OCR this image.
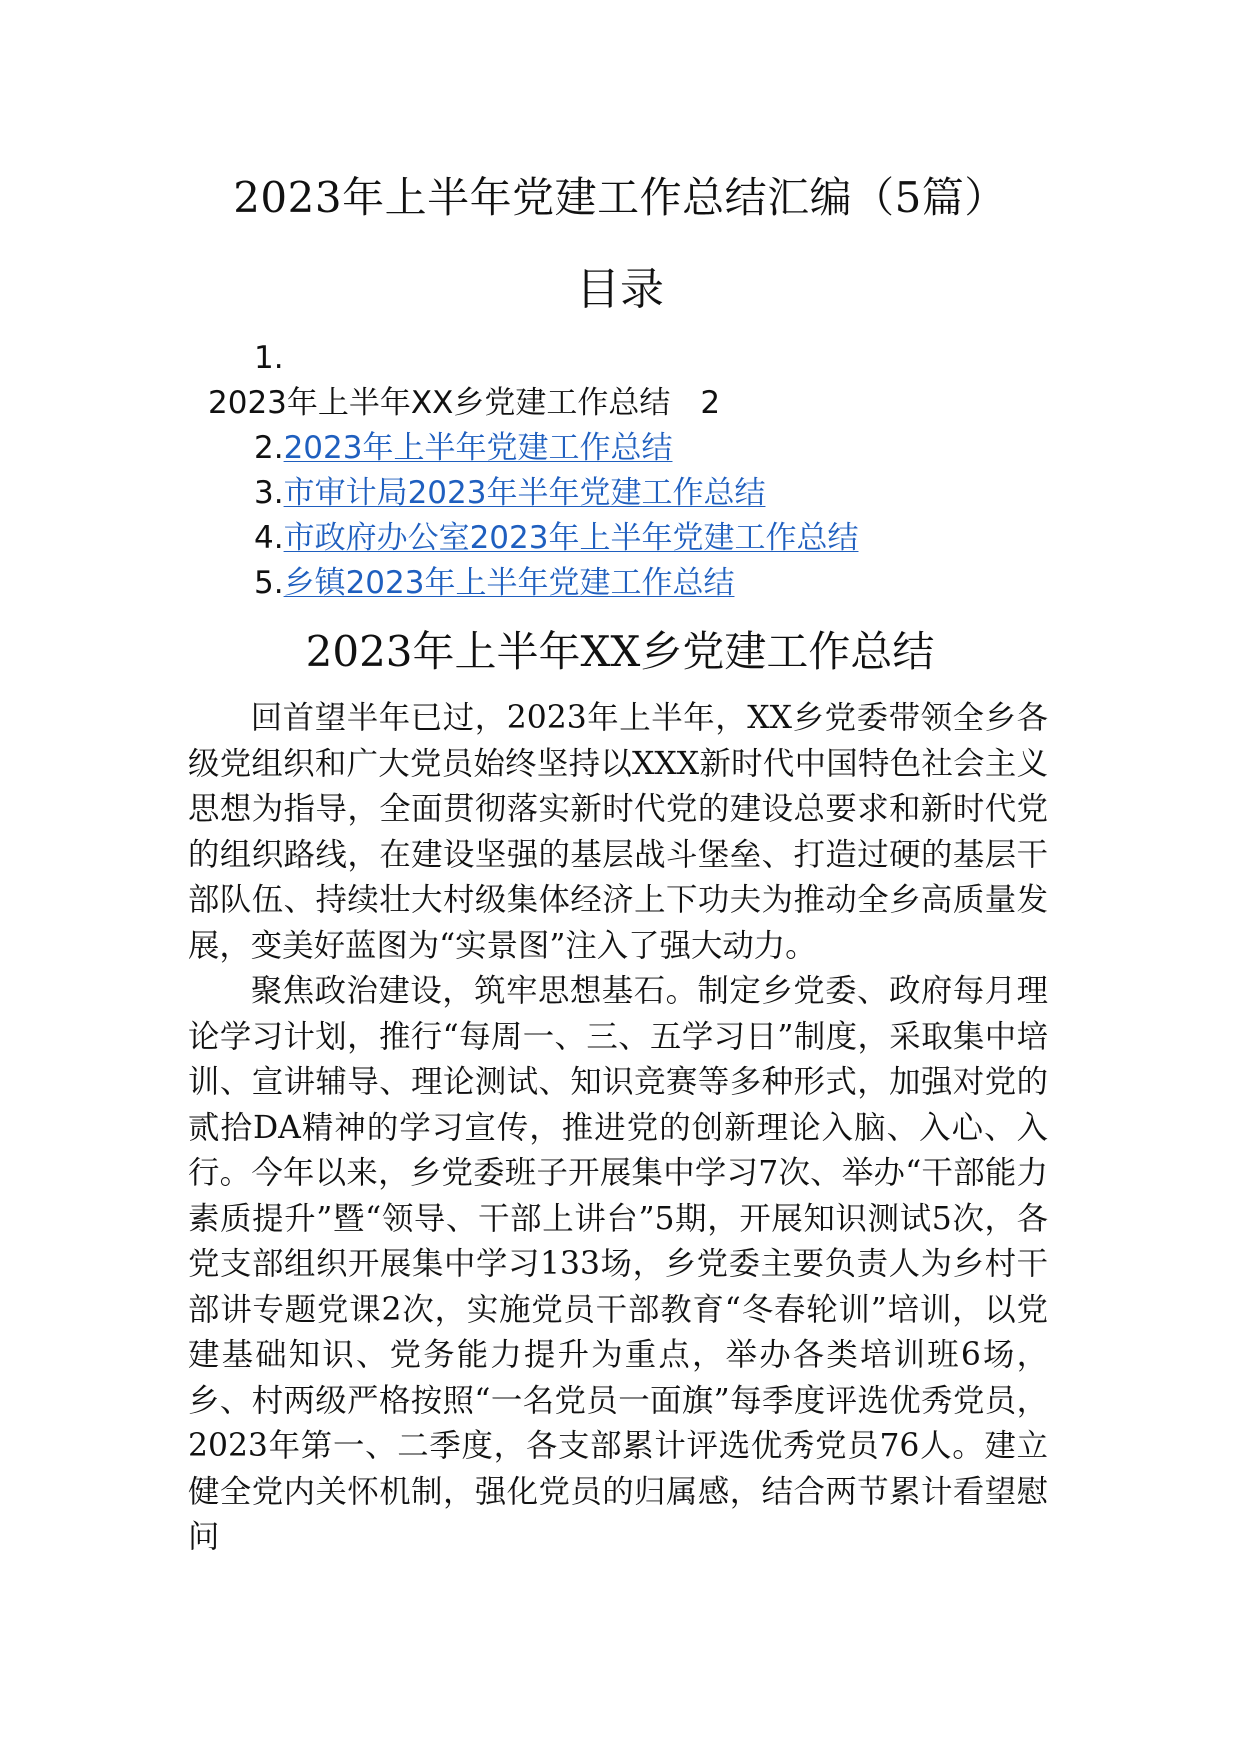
2023年上半年党建工作总结汇编（5篇）
目录
1.
2023年上半年XX乡党建工作总结 2
2.2023年上半年党建工作总结
3.市审计局2023年半年党建工作总结
4.市政府办公室2023年上半年党建工作总结
5.乡镇2023年上半年党建工作总结
2023年上半年XX乡党建工作总结

回首望半年已过，2023年上半年，XX乡党委带领全乡各级党组织和广大党员始终坚持以XXX新时代中国特色社会主义思想为指导，全面贯彻落实新时代党的建设总要求和新时代党的组织路线，在建设坚强的基层战斗堡垒、打造过硬的基层干部队伍、持续壮大村级集体经济上下功夫为推动全乡高质量发展，变美好蓝图为“实景图”注入了强大动力。

聚焦政治建设，筑牢思想基石。制定乡党委、政府每月理论学习计划，推行“每周一、三、五学习日”制度，采取集中培训、宣讲辅导、理论测试、知识竞赛等多种形式，加强对党的贰拾DA精神的学习宣传，推进党的创新理论入脑、入心、入行。今年以来，乡党委班子开展集中学习7次、举办“干部能力素质提升”暨“领导、干部上讲台”5期，开展知识测试5次，各党支部组织开展集中学习133场，乡党委主要负责人为乡村干部讲专题党课2次，实施党员干部教育“冬春轮训”培训，以党建基础知识、党务能力提升为重点，举办各类培训班6场，乡、村两级严格按照“一名党员一面旗”每季度评选优秀党员，2023年第一、二季度，各支部累计评选优秀党员76人。建立健全党内关怀机制，强化党员的归属感，结合两节累计看望慰问
